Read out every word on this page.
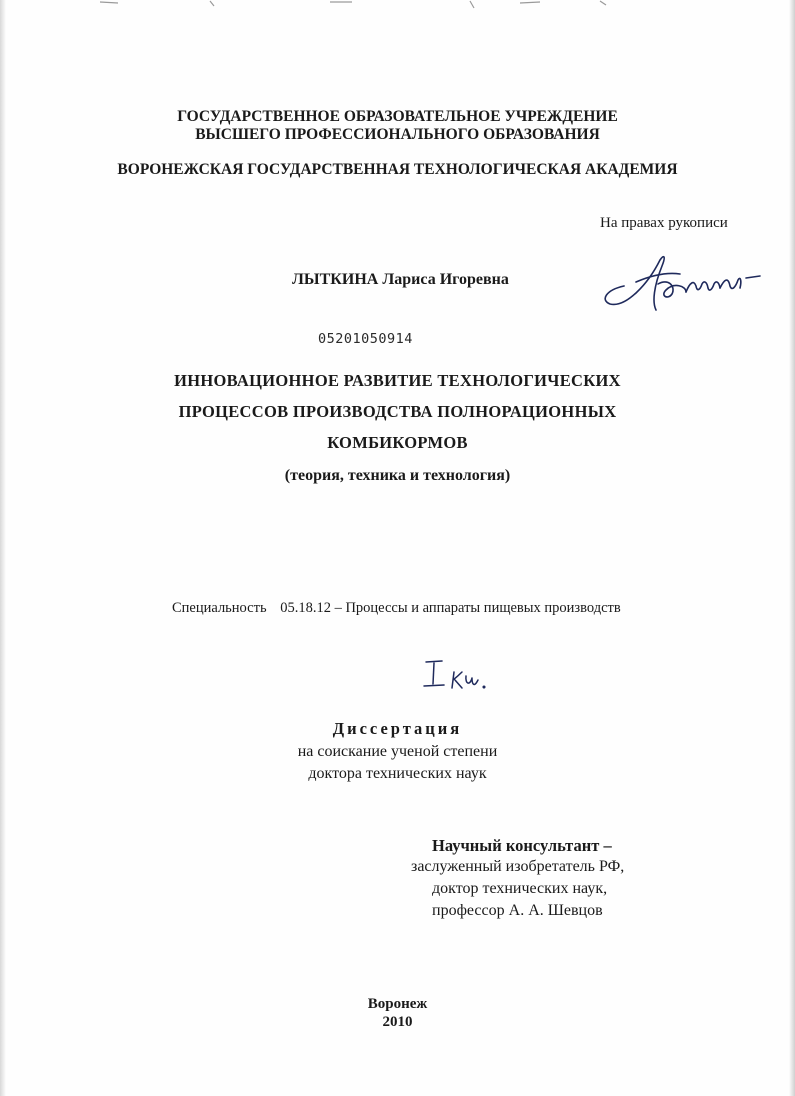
ГОСУДАРСТВЕННОЕ ОБРАЗОВАТЕЛЬНОЕ УЧРЕЖДЕНИЕ
ВЫСШЕГО ПРОФЕССИОНАЛЬНОГО ОБРАЗОВАНИЯ
ВОРОНЕЖСКАЯ ГОСУДАРСТВЕННАЯ ТЕХНОЛОГИЧЕСКАЯ АКАДЕМИЯ
На правах рукописи
ЛЫТКИНА Лариса Игоревна
05201050914
ИННОВАЦИОННОЕ РАЗВИТИЕ ТЕХНОЛОГИЧЕСКИХ
ПРОЦЕССОВ ПРОИЗВОДСТВА ПОЛНОРАЦИОННЫХ
КОМБИКОРМОВ
(теория, техника и технология)
Специальность 05.18.12 – Процессы и аппараты пищевых производств
Диссертация
на соискание ученой степени
доктора технических наук
Научный консультант –
заслуженный изобретатель РФ,
доктор технических наук,
профессор А. А. Шевцов
Воронеж
2010
